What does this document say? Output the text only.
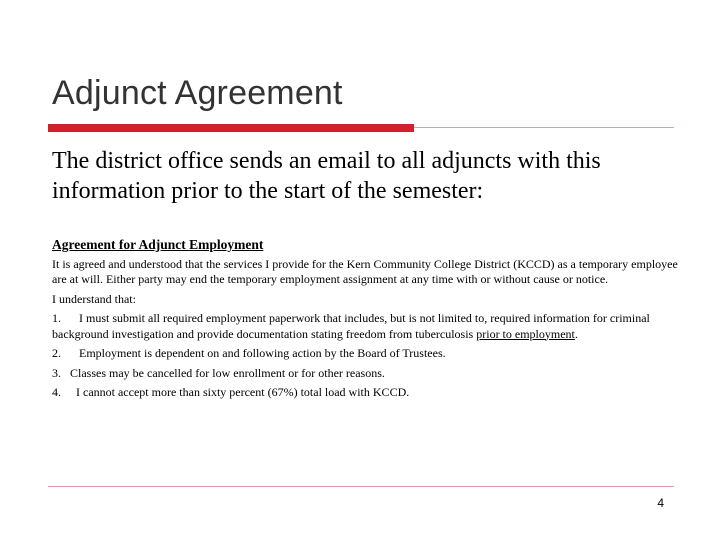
Adjunct Agreement
The district office sends an email to all adjuncts with this information prior to the start of the semester:
Agreement for Adjunct Employment
It is agreed and understood that the services I provide for the Kern Community College District (KCCD) as a temporary employee are at will. Either party may end the temporary employment assignment at any time with or without cause or notice.
I understand that:
1. I must submit all required employment paperwork that includes, but is not limited to, required information for criminal background investigation and provide documentation stating freedom from tuberculosis prior to employment.
2. Employment is dependent on and following action by the Board of Trustees.
3. Classes may be cancelled for low enrollment or for other reasons.
4. I cannot accept more than sixty percent (67%) total load with KCCD.
4
